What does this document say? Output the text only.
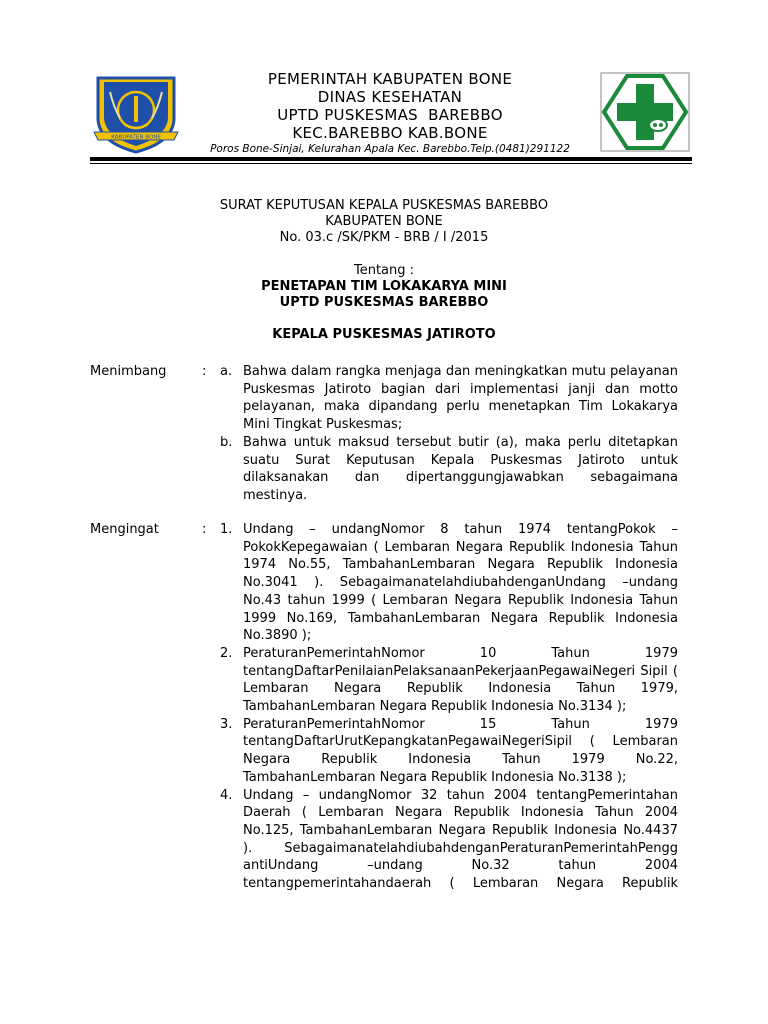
KABUPATEN BONE
PEMERINTAH KABUPATEN BONE
DINAS KESEHATAN
UPTD PUSKESMAS  BAREBBO
KEC.BAREBBO KAB.BONE
Poros Bone-Sinjai, Kelurahan Apala Kec. Barebbo.Telp.(0481)291122
SURAT KEPUTUSAN KEPALA PUSKESMAS BAREBBO
KABUPATEN BONE
No. 03.c /SK/PKM - BRB / I /2015
Tentang :
PENETAPAN TIM LOKAKARYA MINI
UPTD PUSKESMAS BAREBBO
KEPALA PUSKESMAS JATIROTO
Menimbang	:	a. Bahwa dalam rangka menjaga dan meningkatkan mutu pelayanan Puskesmas Jatiroto bagian dari implementasi janji dan motto pelayanan, maka dipandang perlu menetapkan Tim Lokakarya Mini Tingkat Puskesmas;
b. Bahwa untuk maksud tersebut butir (a), maka perlu ditetapkan suatu Surat Keputusan Kepala Puskesmas Jatiroto untuk dilaksanakan dan dipertanggungjawabkan sebagaimana mestinya.
Mengingat	:	1. Undang – undangNomor 8 tahun 1974 tentangPokok – PokokKepegawaian ( Lembaran Negara Republik Indonesia Tahun 1974 No.55, TambahanLembaran Negara Republik Indonesia No.3041 ). SebagaimanatelahdiubahdenganUndang –undang No.43 tahun 1999 ( Lembaran Negara Republik Indonesia Tahun 1999 No.169, TambahanLembaran Negara Republik Indonesia No.3890 );
2. PeraturanPemerintahNomor 10 Tahun 1979 tentangDaftarPenilaianPelaksanaanPekerjaanPegawaiNegeri Sipil ( Lembaran Negara Republik Indonesia Tahun 1979, TambahanLembaran Negara Republik Indonesia No.3134 );
3. PeraturanPemerintahNomor 15 Tahun 1979 tentangDaftarUrutKepangkatanPegawaiNegeriSipil ( Lembaran Negara Republik Indonesia Tahun 1979 No.22, TambahanLembaran Negara Republik Indonesia No.3138 );
4. Undang – undangNomor 32 tahun 2004 tentangPemerintahan Daerah ( Lembaran Negara Republik Indonesia Tahun 2004 No.125, TambahanLembaran Negara Republik Indonesia No.4437 ). SebagaimanatelahdiubahdenganPeraturanPemerintahPengg antiUndang –undang No.32 tahun 2004 tentangpemerintahandaerah ( Lembaran Negara Republik
